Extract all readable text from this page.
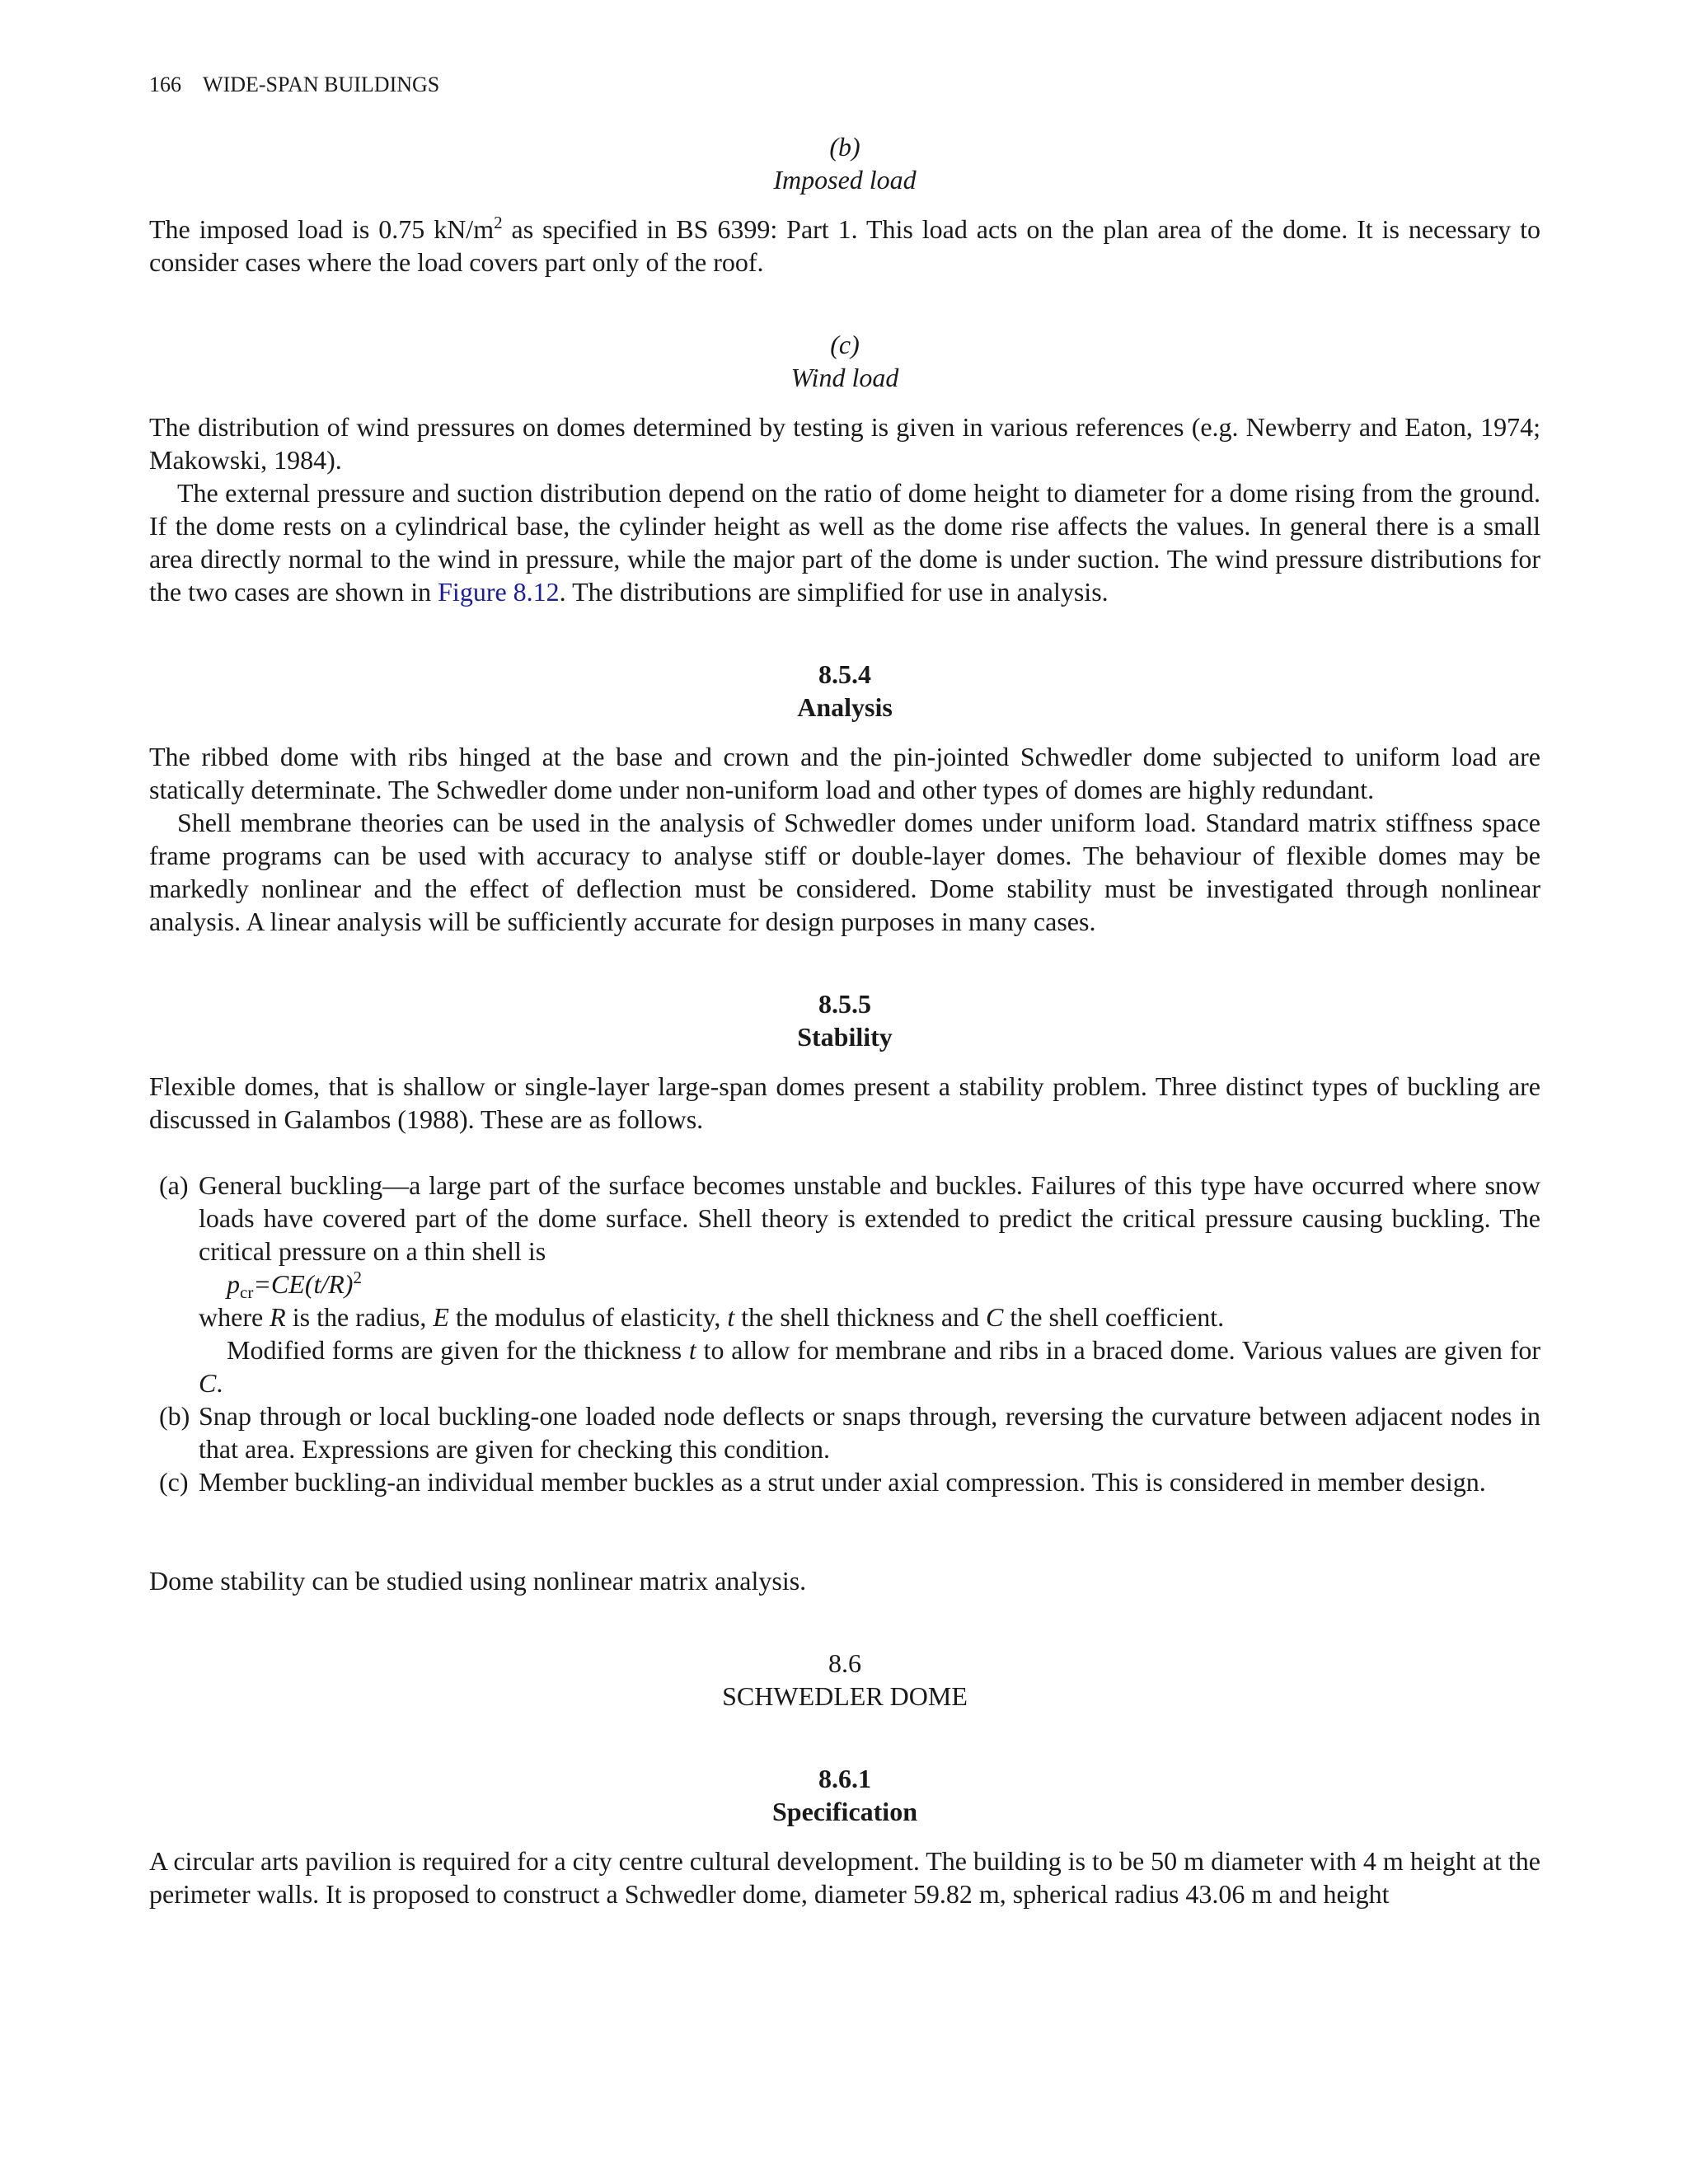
166 WIDE-SPAN BUILDINGS
(b)
Imposed load

The imposed load is 0.75 $kN/m^2$ as specified in BS 6399: Part 1. This load acts on the plan area of the dome. It is necessary to consider cases where the load covers part only of the roof.

(c)
Wind load

The distribution of wind pressures on domes determined by testing is given in various references (e.g. Newberry and Eaton, 1974; Makowski, 1984).

The external pressure and suction distribution depend on the ratio of dome height to diameter for a dome rising from the ground. If the dome rests on a cylindrical base, the cylinder height as well as the dome rise affects the values. In general there is a small area directly normal to the wind in pressure, while the major part of the dome is under suction. The wind pressure distributions for the two cases are shown in Figure 8.12. The distributions are simplified for use in analysis.

8.5.4
Analysis

The ribbed dome with ribs hinged at the base and crown and the pin-jointed Schwedler dome subjected to uniform load are statically determinate. The Schwedler dome under non-uniform load and other types of domes are highly redundant.

Shell membrane theories can be used in the analysis of Schwedler domes under uniform load. Standard matrix stiffness space frame programs can be used with accuracy to analyse stiff or double-layer domes. The behaviour of flexible domes may be markedly nonlinear and the effect of deflection must be considered. Dome stability must be investigated through nonlinear analysis. A linear analysis will be sufficiently accurate for design purposes in many cases.

8.5.5
Stability

Flexible domes, that is shallow or single-layer large-span domes present a stability problem. Three distinct types of buckling are discussed in Galambos (1988). These are as follows.

(a) General buckling—a large part of the surface becomes unstable and buckles. Failures of this type have occurred where snow loads have covered part of the dome surface. Shell theory is extended to predict the critical pressure causing buckling. The critical pressure on a thin shell is

$p_{cr}=CE(t/R)^2$

where R is the radius, E the modulus of elasticity, t the shell thickness and C the shell coefficient.

Modified forms are given for the thickness t to allow for membrane and ribs in a braced dome. Various values are given for C.

(b) Snap through or local buckling-one loaded node deflects or snaps through, reversing the curvature between adjacent nodes in that area. Expressions are given for checking this condition.

(c) Member buckling-an individual member buckles as a strut under axial compression. This is considered in member design.

Dome stability can be studied using nonlinear matrix analysis.

8.6
SCHWEDLER DOME
8.6.1
Specification

A circular arts pavilion is required for a city centre cultural development. The building is to be 50 m diameter with 4 m height at the perimeter walls. It is proposed to construct a Schwedler dome, diameter 59.82 m, spherical radius 43.06 m and height
